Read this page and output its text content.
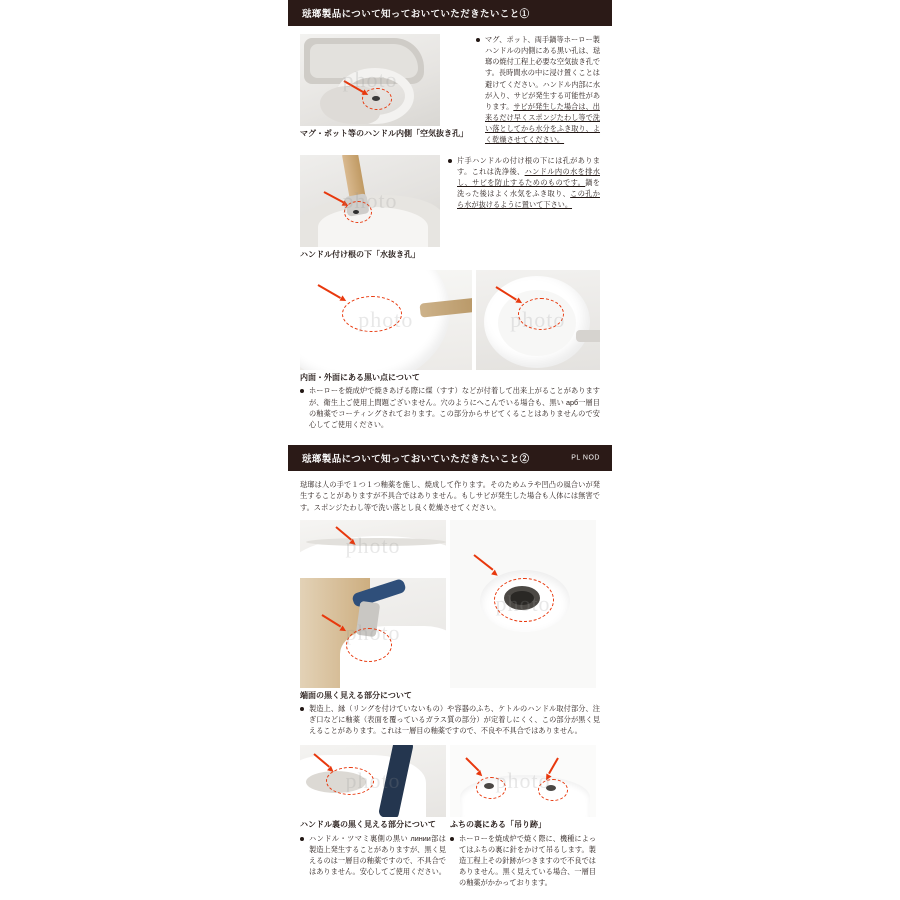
琺瑯製品について知っておいていただきたいこと①
photo
マグ・ポット等のハンドル内側「空気抜き孔」
マグ、ポット、両手鍋等ホーロー製ハンドルの内側にある黒い孔は、琺瑯の焼付工程上必要な空気抜き孔です。長時間水の中に浸け置くことは避けてください。ハンドル内部に水が入り、サビが発生する可能性があります。サビが発生した場合は、出来るだけ早くスポンジたわし等で洗い落としてから水分をふき取り、よく乾燥させてください。
photo
ハンドル付け根の下「水抜き孔」
片手ハンドルの付け根の下には孔があります。これは洗浄後、ハンドル内の水を排水し、サビを防止するためのものです。鍋を洗った後はよく水気をふき取り、この孔から水が抜けるように置いて下さい。
photo	photo
内面・外面にある黒い点について
ホーローを焼成炉で焼きあげる際に煤（すす）などが付着して出来上がることがありますが、衛生上ご使用上問題ございません。穴のようにへこんでいる場合も、黒い арб一層目の釉薬でコーティングされております。この部分からサビてくることはありませんので安心してご使用ください。
琺瑯製品について知っておいていただきたいこと②	PL NOD

琺瑯は人の手で１つ１つ釉薬を施し、焼成して作ります。そのためムラや凹凸の風合いが発生することがありますが不具合ではありません。もしサビが発生した場合も人体には無害です。スポンジたわし等で洗い落とし良く乾燥させてください。

photo
photo
photo
端面の黒く見える部分について
製造上、縁（リングを付けていないもの）や容器のふち、ケトルのハンドル取付部分、注ぎ口などに釉薬（表面を覆っているガラス質の部分）が定着しにくく、この部分が黒く見えることがあります。これは一層目の釉薬ですので、不良や不具合ではありません。
photo
ハンドル裏の黒く見える部分について
ハンドル・ツマミ裏側の黒い линии部は製造上発生することがありますが、黒く見えるのは一層目の釉薬ですので、不具合ではありません。安心してご使用ください。
photo
ふちの裏にある「吊り跡」
ホーローを焼成炉で焼く際に、機種によってはふちの裏に針をかけて吊るします。製造工程上その針跡がつきますので不良ではありません。黒く見えている場合、一層目の釉薬がかかっております。
